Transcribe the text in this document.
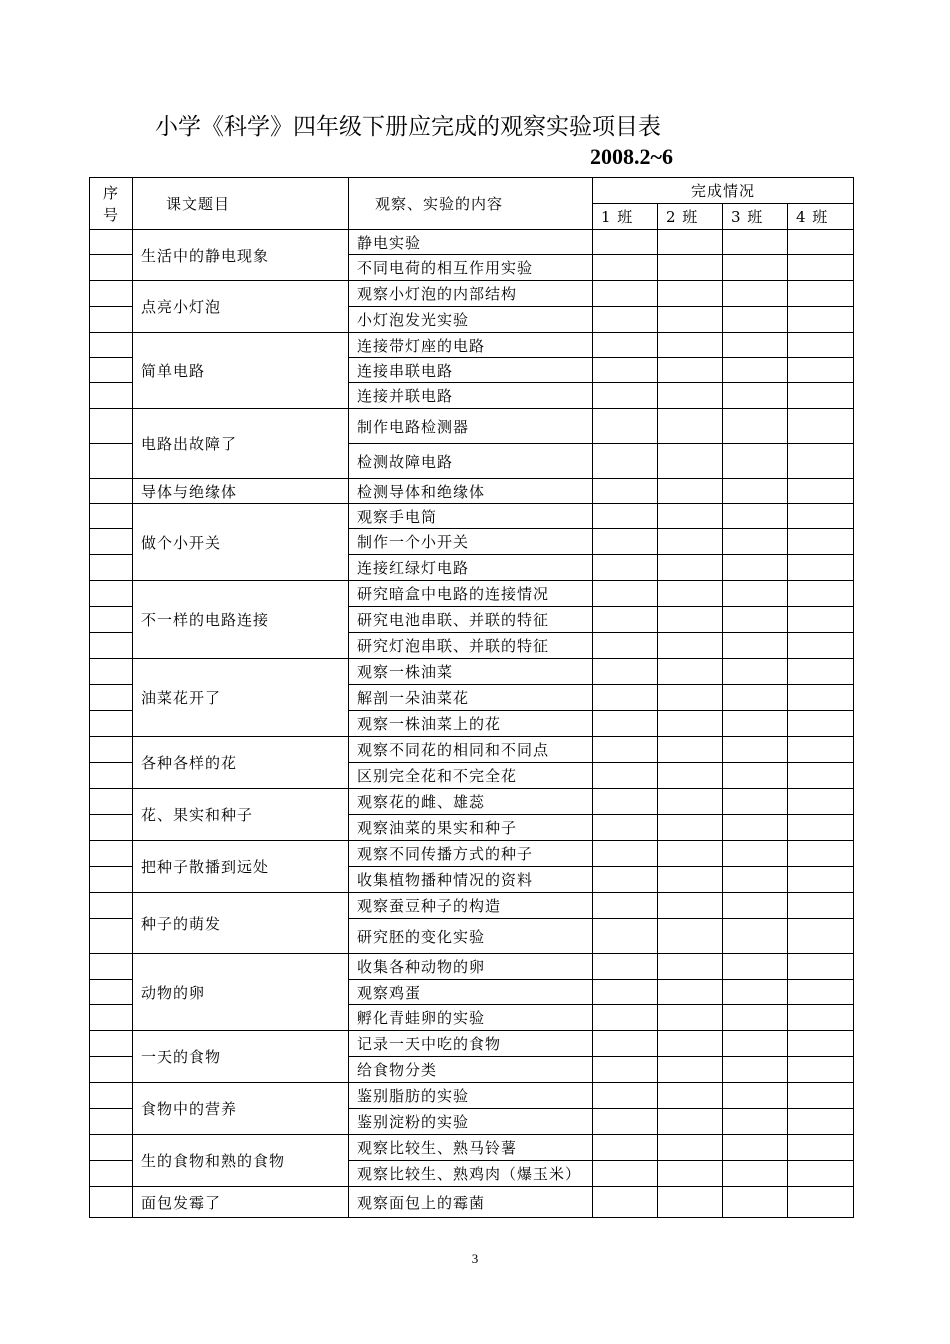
小学《科学》四年级下册应完成的观察实验项目表
2008.2~6
序
号	课文题目	观察、实验的内容	完成情况			
			1 班	2 班	3 班	4 班
	生活中的静电现象	静电实验				
		不同电荷的相互作用实验				
	点亮小灯泡	观察小灯泡的内部结构				
		小灯泡发光实验				
	简单电路	连接带灯座的电路				
		连接串联电路				
		连接并联电路				
	电路出故障了	制作电路检测器				
		检测故障电路				
	导体与绝缘体	检测导体和绝缘体				
	做个小开关	观察手电筒				
		制作一个小开关				
		连接红绿灯电路				
	不一样的电路连接	研究暗盒中电路的连接情况				
		研究电池串联、并联的特征				
		研究灯泡串联、并联的特征				
	油菜花开了	观察一株油菜				
		解剖一朵油菜花				
		观察一株油菜上的花				
	各种各样的花	观察不同花的相同和不同点				
		区别完全花和不完全花				
	花、果实和种子	观察花的雌、雄蕊				
		观察油菜的果实和种子				
	把种子散播到远处	观察不同传播方式的种子				
		收集植物播种情况的资料				
	种子的萌发	观察蚕豆种子的构造				
		研究胚的变化实验				
	动物的卵	收集各种动物的卵				
		观察鸡蛋				
		孵化青蛙卵的实验				
	一天的食物	记录一天中吃的食物				
		给食物分类				
	食物中的营养	鉴别脂肪的实验				
		鉴别淀粉的实验				
	生的食物和熟的食物	观察比较生、熟马铃薯				
		观察比较生、熟鸡肉（爆玉米）				
	面包发霉了	观察面包上的霉菌				
3
